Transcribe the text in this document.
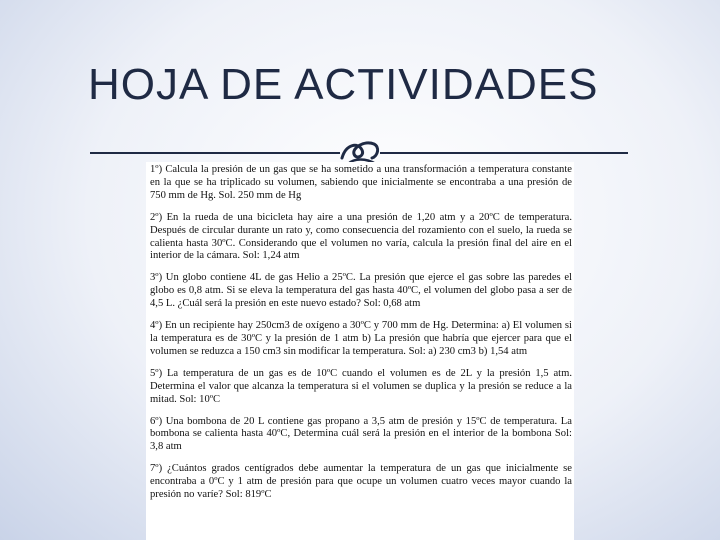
HOJA DE ACTIVIDADES

1º) Calcula la presión de un gas que se ha sometido a una transformación a temperatura constante en la que se ha triplicado su volumen, sabiendo que inicialmente se encontraba a una presión de 750 mm de Hg. Sol. 250 mm de Hg

2º) En la rueda de una bicicleta hay aire a una presión de 1,20 atm y a 20ºC de temperatura. Después de circular durante un rato y, como consecuencia del rozamiento con el suelo, la rueda se calienta hasta 30ºC. Considerando que el volumen no varía, calcula la presión final del aire en el interior de la cámara. Sol: 1,24 atm

3º) Un globo contiene 4L de gas Helio a 25ºC. La presión que ejerce el gas sobre las paredes el globo es 0,8 atm. Si se eleva la temperatura del gas hasta 40ºC, el volumen del globo pasa a ser de 4,5 L. ¿Cuál será la presión en este nuevo estado? Sol: 0,68 atm

4º) En un recipiente hay 250cm3 de oxígeno a 30ºC y 700 mm de Hg. Determina: a) El volumen si la temperatura es de 30ºC y la presión de 1 atm b) La presión que habría que ejercer para que el volumen se reduzca a 150 cm3 sin modificar la temperatura. Sol: a) 230 cm3 b) 1,54 atm

5º) La temperatura de un gas es de 10ºC cuando el volumen es de 2L y la presión 1,5 atm. Determina el valor que alcanza la temperatura si el volumen se duplica y la presión se reduce a la mitad. Sol: 10ºC

6º) Una bombona de 20 L contiene gas propano a 3,5 atm de presión y 15ºC de temperatura. La bombona se calienta hasta 40ºC, Determina cuál será la presión en el interior de la bombona Sol: 3,8 atm

7º) ¿Cuántos grados centígrados debe aumentar la temperatura de un gas que inicialmente se encontraba a 0ºC y 1 atm de presión para que ocupe un volumen cuatro veces mayor cuando la presión no varíe? Sol: 819ºC
